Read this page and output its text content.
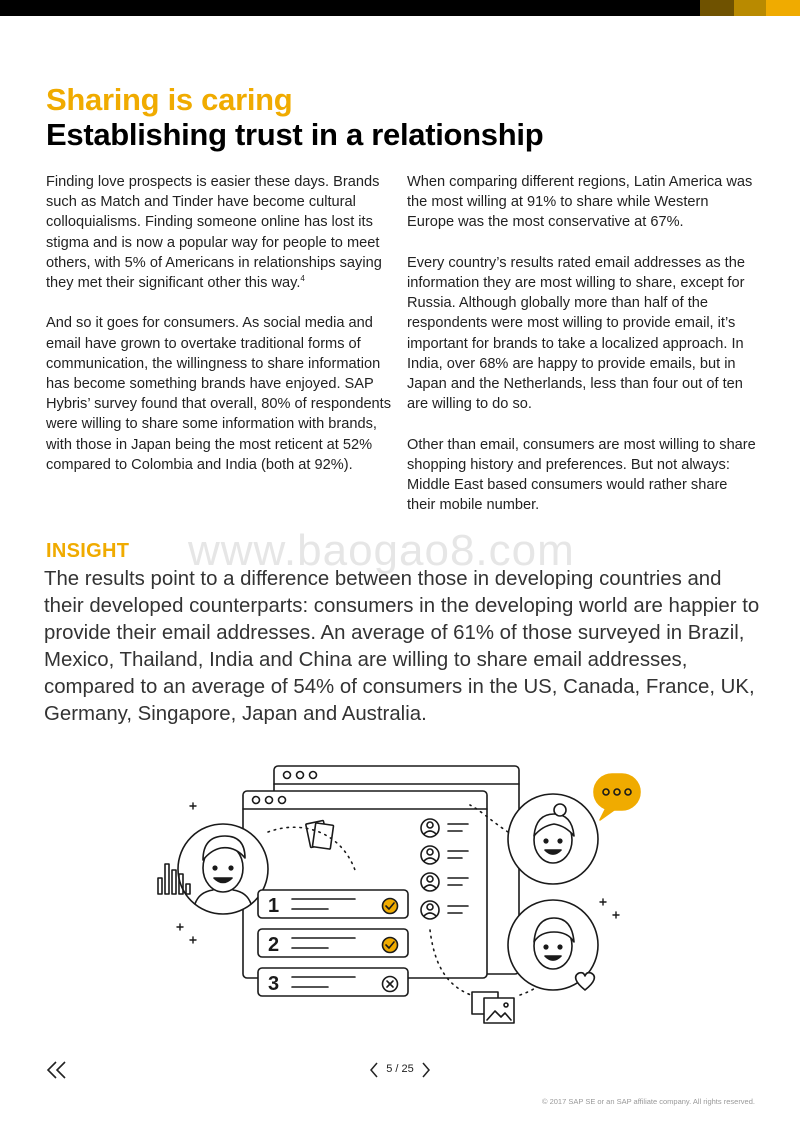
Sharing is caring
Establishing trust in a relationship

Finding love prospects is easier these days. Brands such as Match and Tinder have become cultural colloquialisms. Finding someone online has lost its stigma and is now a popular way for people to meet others, with 5% of Americans in relationships saying they met their significant other this way.$^4$

And so it goes for consumers. As social media and email have grown to overtake traditional forms of communication, the willingness to share information has become something brands have enjoyed. SAP Hybris’ survey found that overall, 80% of respondents were willing to share some information with brands, with those in Japan being the most reticent at 52% compared to Colombia and India (both at 92%).

When comparing different regions, Latin America was the most willing at 91% to share while Western Europe was the most conservative at 67%.

Every country’s results rated email addresses as the information they are most willing to share, except for Russia. Although globally more than half of the respondents were most willing to provide email, it’s important for brands to take a localized approach. In India, over 68% are happy to provide emails, but in Japan and the Netherlands, less than four out of ten are willing to do so.

Other than email, consumers are most willing to share shopping history and preferences. But not always: Middle East based consumers would rather share their mobile number.

www.baogao8.com
INSIGHT
The results point to a difference between those in developing countries and their developed counterparts: consumers in the developing world are happier to provide their email addresses. An average of 61% of those surveyed in Brazil, Mexico, Thailand, India and China are willing to share email addresses, compared to an average of 54% of consumers in the US, Canada, France, UK, Germany, Singapore, Japan and Australia.
1
2
3
5 / 25
© 2017 SAP SE or an SAP affiliate company. All rights reserved.
